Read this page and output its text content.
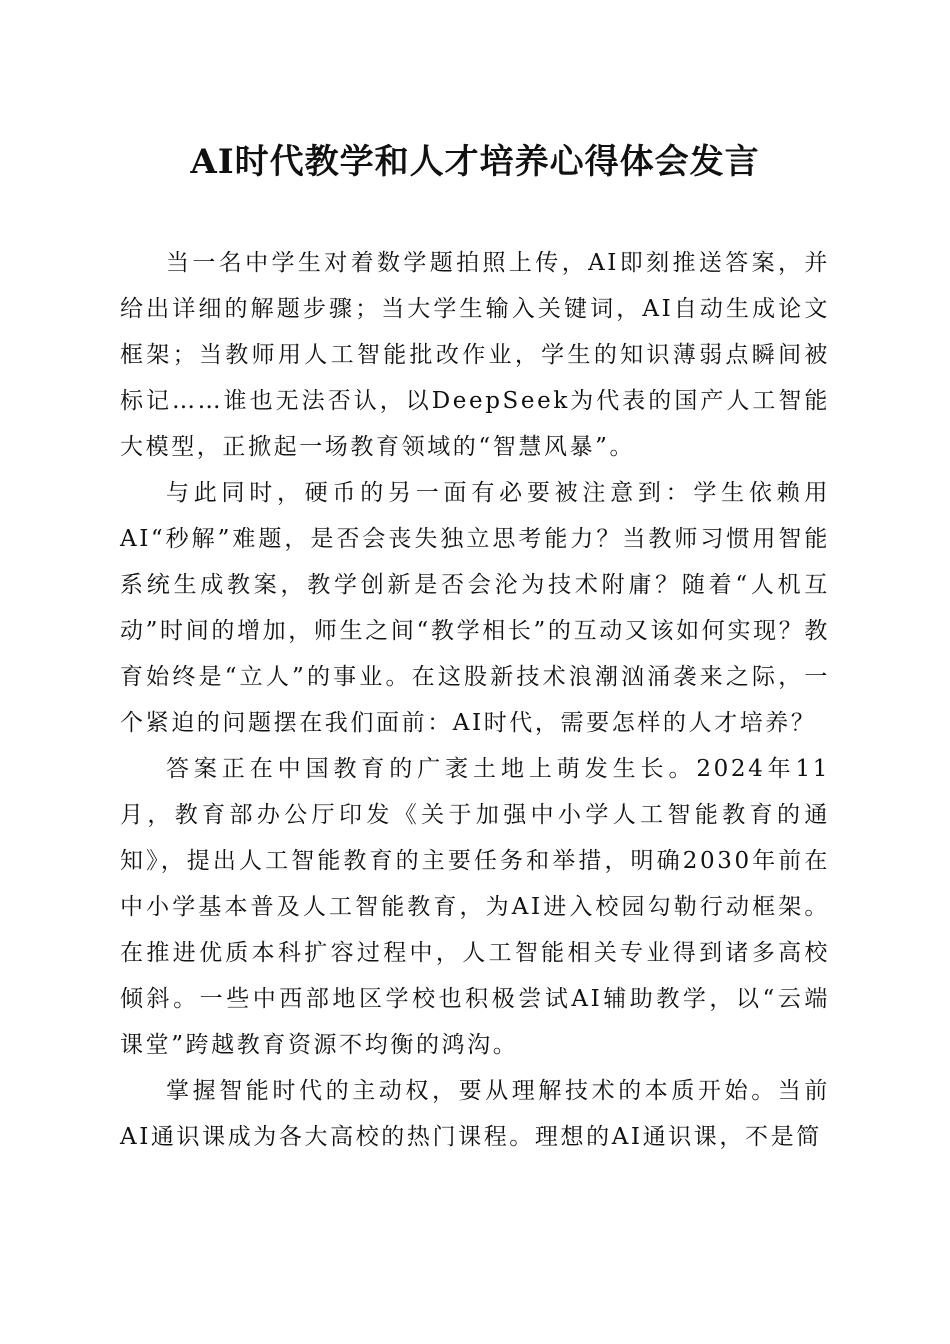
AI时代教学和人才培养心得体会发言

当一名中学生对着数学题拍照上传，AI即刻推送答案，并给出详细的解题步骤；当大学生输入关键词，AI自动生成论文框架；当教师用人工智能批改作业，学生的知识薄弱点瞬间被标记……谁也无法否认，以DeepSeek为代表的国产人工智能大模型，正掀起一场教育领域的“智慧风暴”。

与此同时，硬币的另一面有必要被注意到：学生依赖用AI“秒解”难题，是否会丧失独立思考能力？当教师习惯用智能系统生成教案，教学创新是否会沦为技术附庸？随着“人机互动”时间的增加，师生之间“教学相长”的互动又该如何实现？教育始终是“立人”的事业。在这股新技术浪潮汹涌袭来之际，一个紧迫的问题摆在我们面前：AI时代，需要怎样的人才培养？

答案正在中国教育的广袤土地上萌发生长。2024年11月，教育部办公厅印发《关于加强中小学人工智能教育的通知》，提出人工智能教育的主要任务和举措，明确2030年前在中小学基本普及人工智能教育，为AI进入校园勾勒行动框架。在推进优质本科扩容过程中，人工智能相关专业得到诸多高校倾斜。一些中西部地区学校也积极尝试AI辅助教学，以“云端课堂”跨越教育资源不均衡的鸿沟。

掌握智能时代的主动权，要从理解技术的本质开始。当前AI通识课成为各大高校的热门课程。理想的AI通识课，不是简
